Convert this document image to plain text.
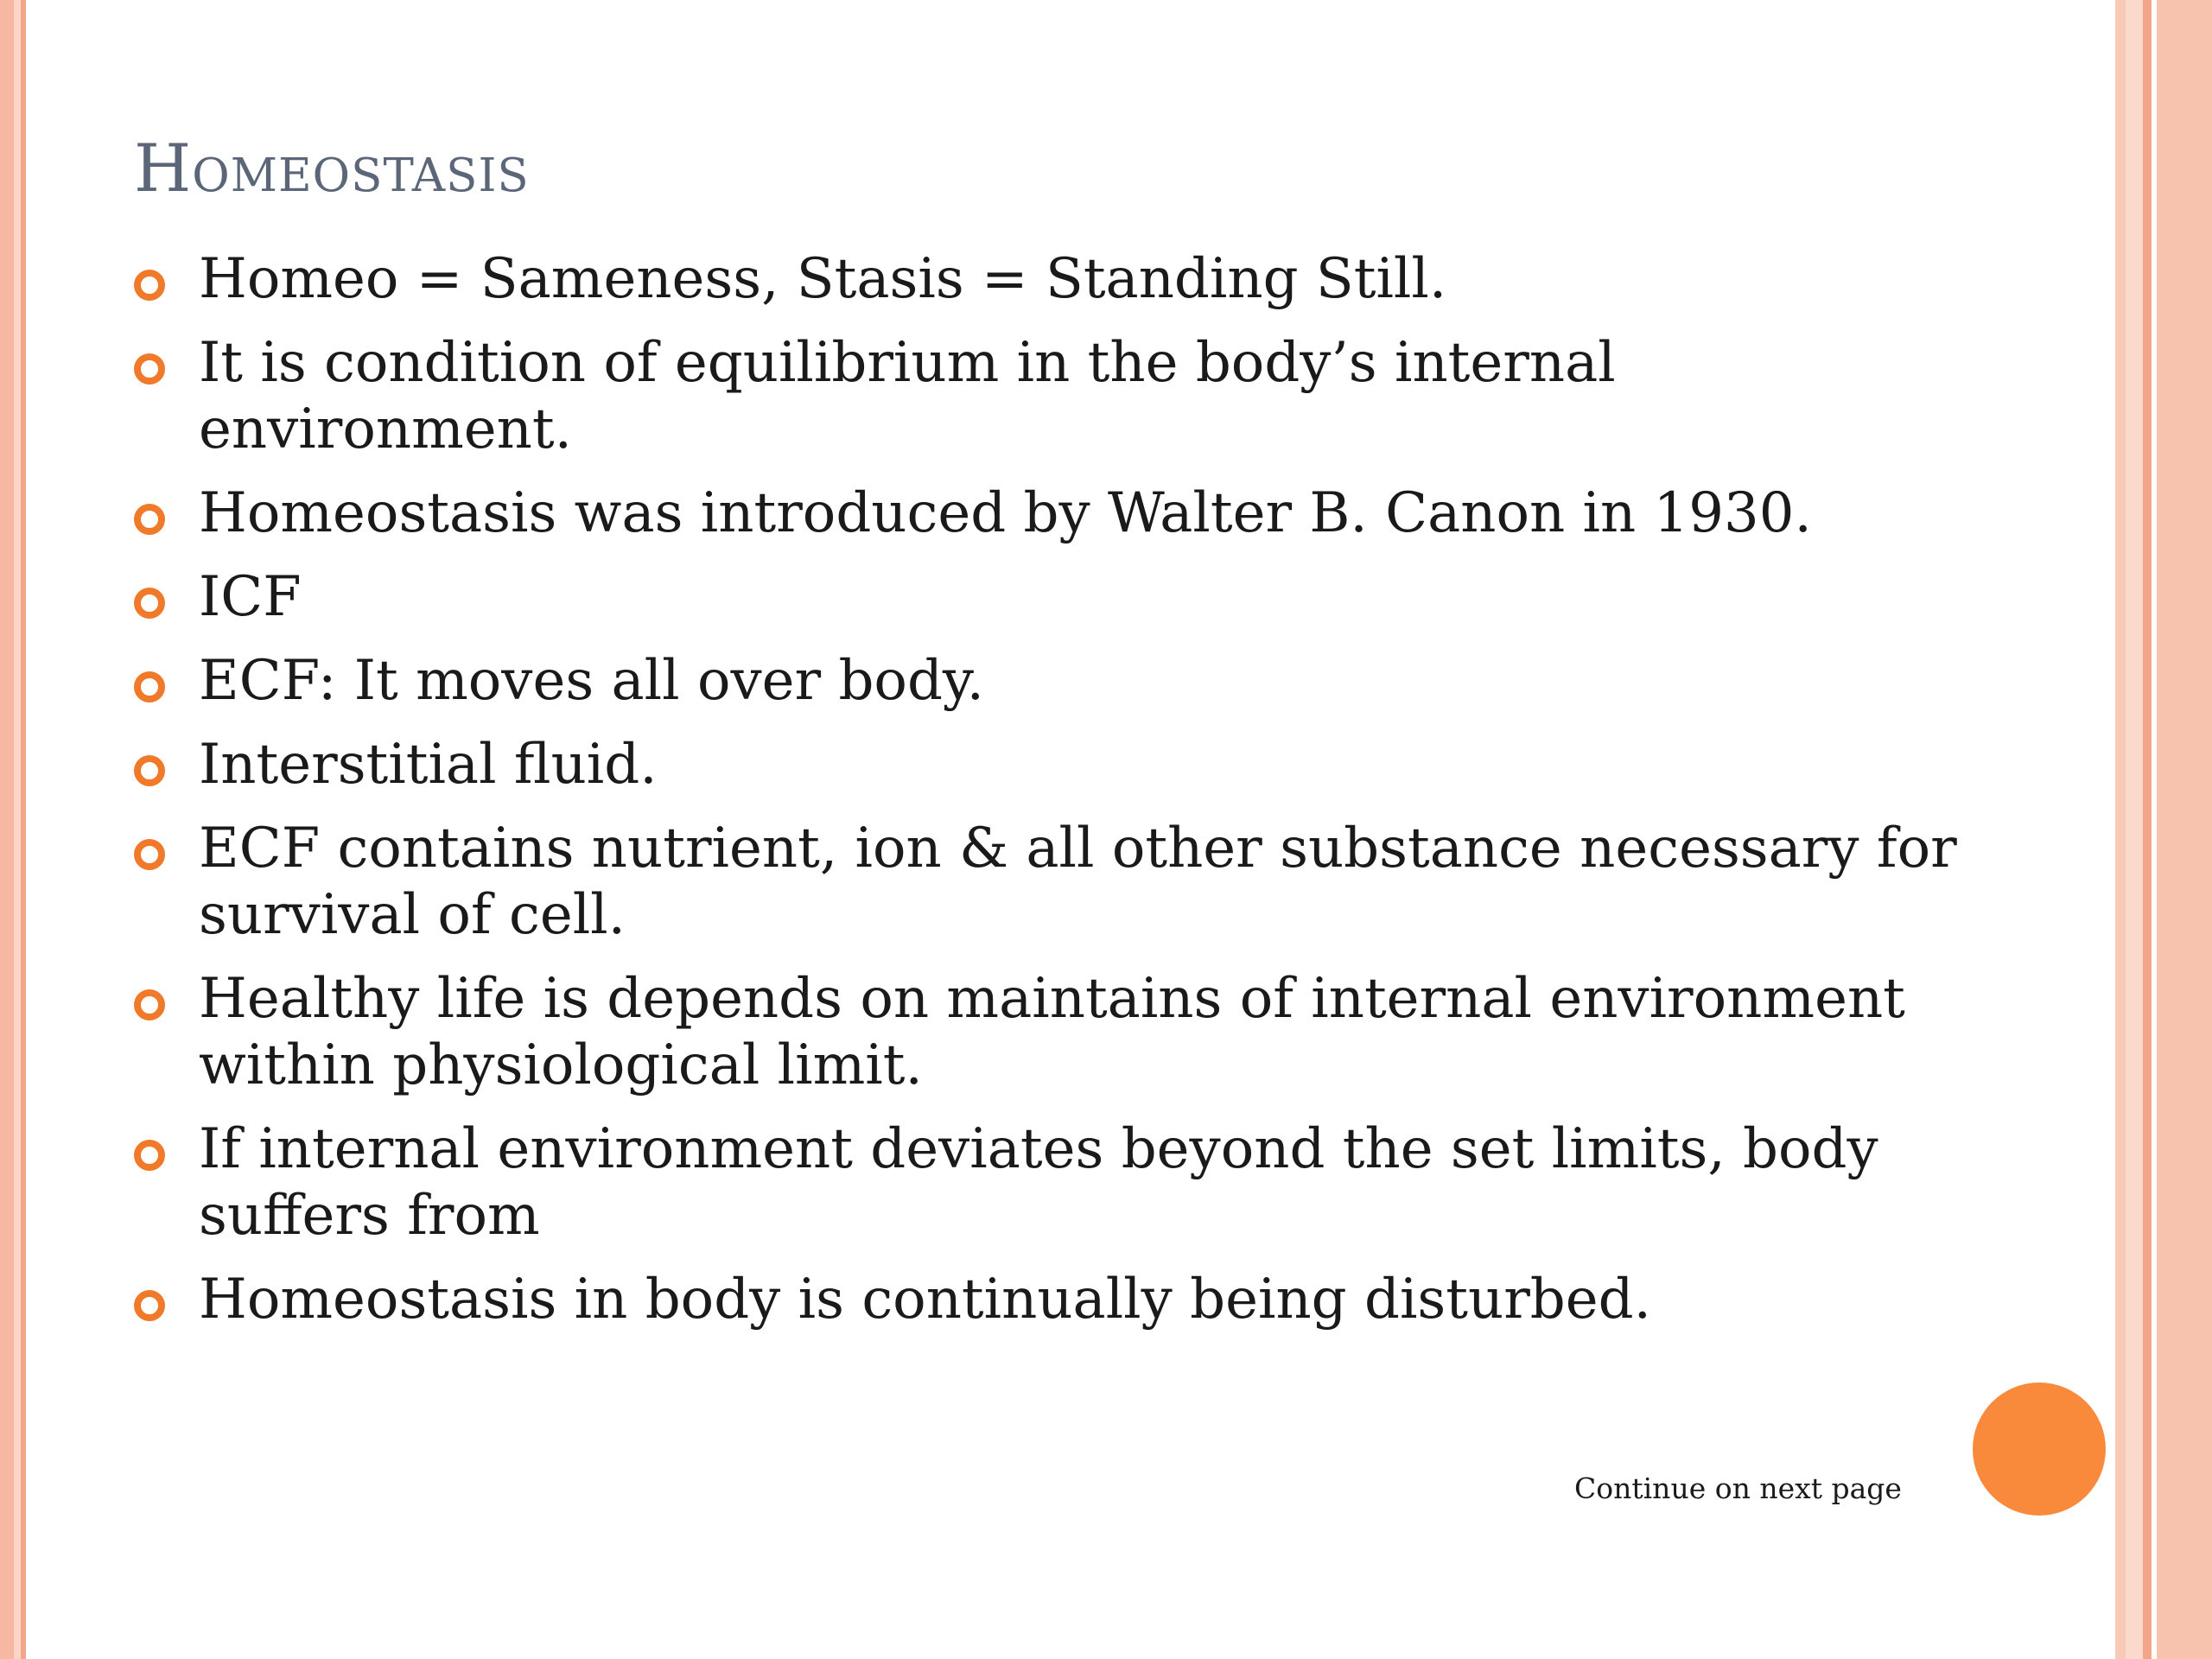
Homeostasis
Homeo = Sameness, Stasis = Standing Still.
It is condition of equilibrium in the body’s internal environment.
Homeostasis was introduced by Walter B. Canon in 1930.
ICF
ECF: It moves all over body.
Interstitial fluid.
ECF contains nutrient, ion & all other substance necessary for survival of cell.
Healthy life is depends on maintains of internal environment within physiological limit.
If internal environment deviates beyond the set limits, body suffers from
Homeostasis in body is continually being disturbed.
Continue on next page
